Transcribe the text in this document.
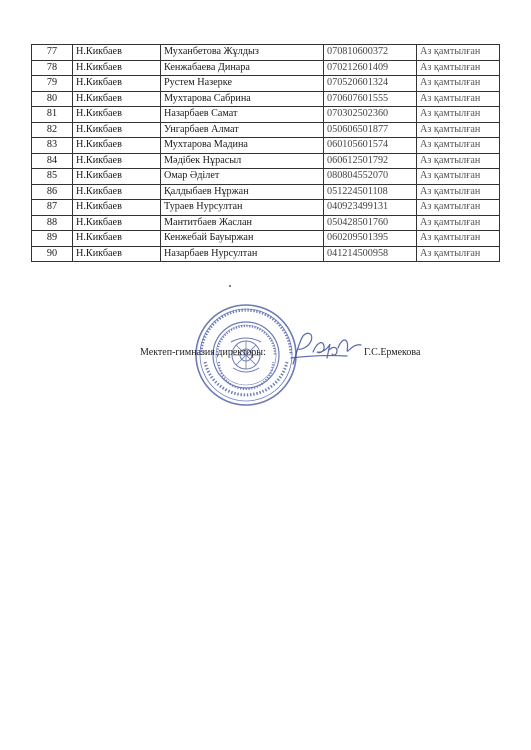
77	Н.Кикбаев	Муханбетова Жұлдыз	070810600372	Аз қамтылған
78	Н.Кикбаев	Кенжабаева Динара	070212601409	Аз қамтылған
79	Н.Кикбаев	Рустем Назерке	070520601324	Аз қамтылған
80	Н.Кикбаев	Мухтарова Сабрина	070607601555	Аз қамтылған
81	Н.Кикбаев	Назарбаев Самат	070302502360	Аз қамтылған
82	Н.Кикбаев	Унгарбаев Алмат	050606501877	Аз қамтылған
83	Н.Кикбаев	Мухтарова Мадина	060105601574	Аз қамтылған
84	Н.Кикбаев	Мәдібек Нұрасыл	060612501792	Аз қамтылған
85	Н.Кикбаев	Омар Әділет	080804552070	Аз қамтылған
86	Н.Кикбаев	Қалдыбаев Нұржан	051224501108	Аз қамтылған
87	Н.Кикбаев	Тураев Нурсултан	040923499131	Аз қамтылған
88	Н.Кикбаев	Мантитбаев Жаслан	050428501760	Аз қамтылған
89	Н.Кикбаев	Кенжебай Бауыржан	060209501395	Аз қамтылған
90	Н.Кикбаев	Назарбаев Нурсултан	041214500958	Аз қамтылған
Мектеп-гимназия директоры:	Г.С.Ермекова
